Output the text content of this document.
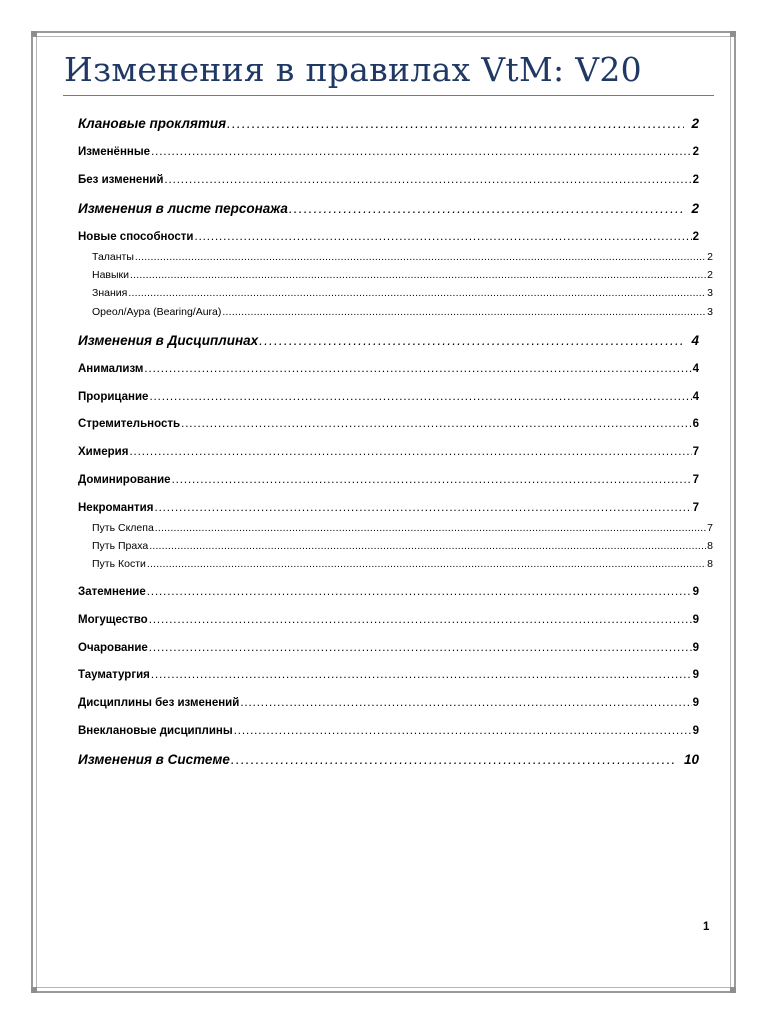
Изменения в правилах VtM: V20
Клановые проклятия .....	2
Изменённые .....	2
Без изменений .....	2
Изменения в листе персонажа .....	2
Новые способности .....	2
Таланты .....	2
Навыки .....	2
Знания .....	3
Ореол/Аура (Bearing/Aura) .....	3
Изменения в Дисциплинах .....	4
Анимализм .....	4
Прорицание .....	4
Стремительность .....	6
Химерия .....	7
Доминирование .....	7
Некромантия .....	7
Путь Склепа .....	7
Путь Праха .....	8
Путь Кости .....	8
Затемнение .....	9
Могущество .....	9
Очарование .....	9
Тауматургия .....	9
Дисциплины без изменений .....	9
Внеклановые дисциплины .....	9
Изменения в Системе .....	10
1
